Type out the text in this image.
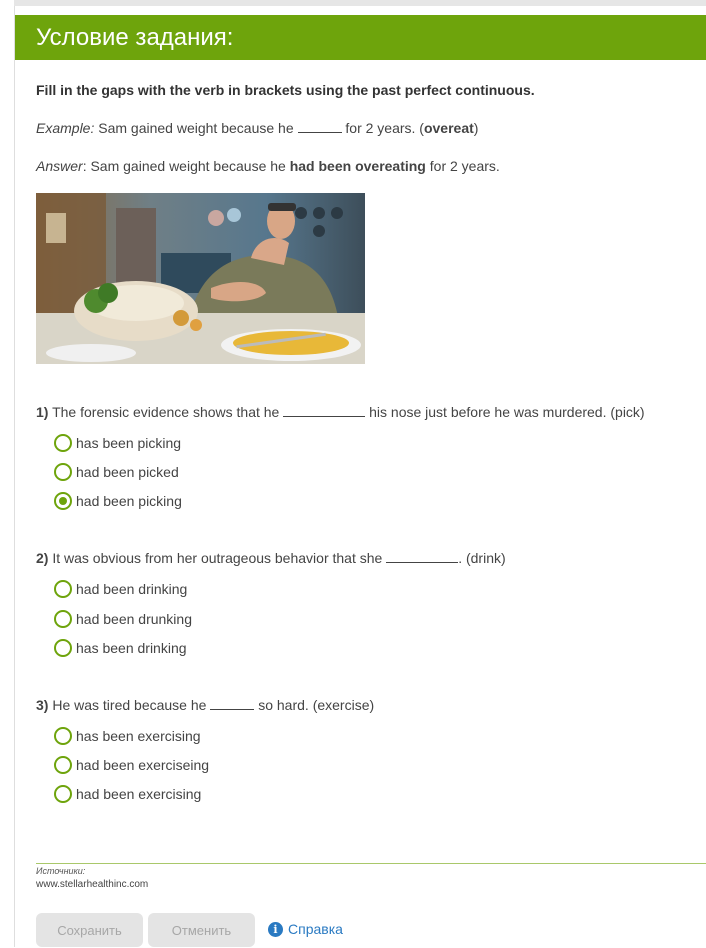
Условие задания:
Fill in the gaps with the verb in brackets using the past perfect continuous.
Example: Sam gained weight because he	for 2 years. (overeat)
Answer: Sam gained weight because he had been overeating for 2 years.
1) The forensic evidence shows that he	his nose just before he was murdered. (pick)
has been picking
had been picked
had been picking
2) It was obvious from her outrageous behavior that she	. (drink)
had been drinking
had been drunking
has been drinking
3) He was tired because he	so hard. (exercise)
has been exercising
had been exerciseing
had been exercising
Источники:
www.stellarhealthinc.com
Сохранить	Отменить	i Справка
